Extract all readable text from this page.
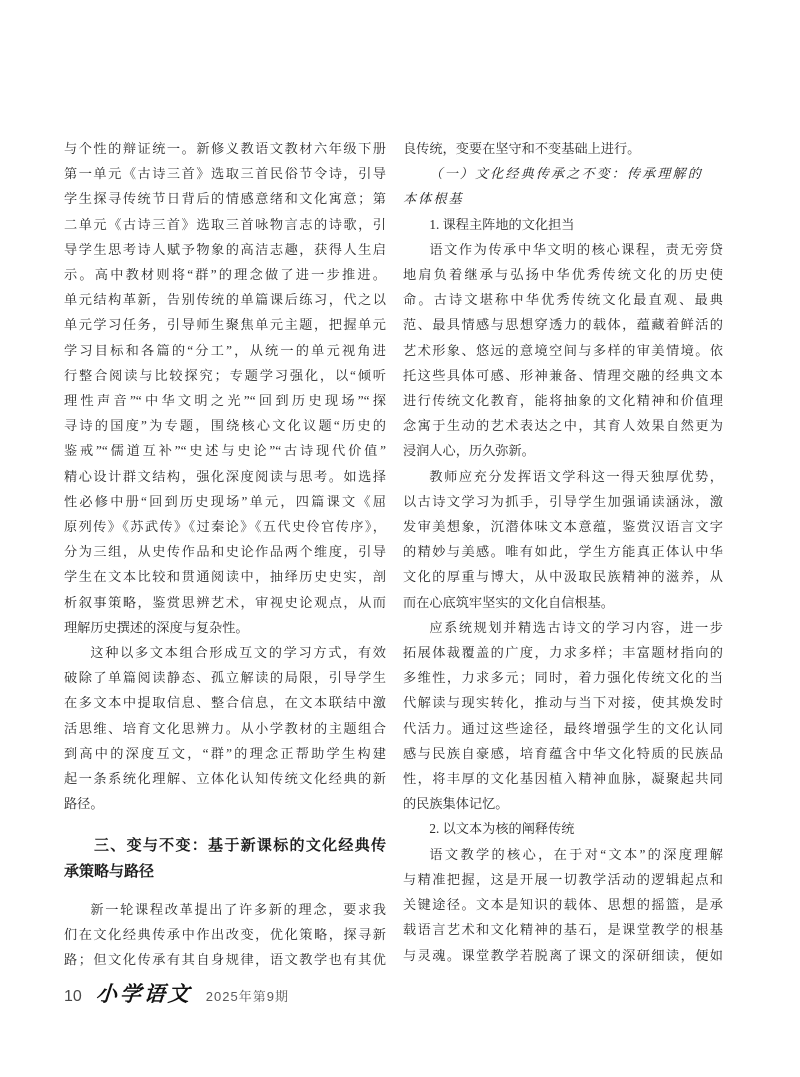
与个性的辩证统一。新修义教语文教材六年级下册
第一单元《古诗三首》选取三首民俗节令诗，引导
学生探寻传统节日背后的情感意绪和文化寓意；第
二单元《古诗三首》选取三首咏物言志的诗歌，引
导学生思考诗人赋予物象的高洁志趣，获得人生启
示。高中教材则将“群”的理念做了进一步推进。
单元结构革新，告别传统的单篇课后练习，代之以
单元学习任务，引导师生聚焦单元主题，把握单元
学习目标和各篇的“分工”，从统一的单元视角进
行整合阅读与比较探究；专题学习强化，以“倾听
理性声音”“中华文明之光”“回到历史现场”“探
寻诗的国度”为专题，围绕核心文化议题“历史的
鉴戒”“儒道互补”“史述与史论”“古诗现代价值”
精心设计群文结构，强化深度阅读与思考。如选择
性必修中册“回到历史现场”单元，四篇课文《屈
原列传》《苏武传》《过秦论》《五代史伶官传序》，
分为三组，从史传作品和史论作品两个维度，引导
学生在文本比较和贯通阅读中，抽绎历史史实，剖
析叙事策略，鉴赏思辨艺术，审视史论观点，从而
理解历史撰述的深度与复杂性。
这种以多文本组合形成互文的学习方式，有效
破除了单篇阅读静态、孤立解读的局限，引导学生
在多文本中提取信息、整合信息，在文本联结中激
活思维、培育文化思辨力。从小学教材的主题组合
到高中的深度互文，“群”的理念正帮助学生构建
起一条系统化理解、立体化认知传统文化经典的新
路径。
三、变与不变：基于新课标的文化经典传
承策略与路径
新一轮课程改革提出了许多新的理念，要求我
们在文化经典传承中作出改变，优化策略，探寻新
路；但文化传承有其自身规律，语文教学也有其优
良传统，变要在坚守和不变基础上进行。
（一）文化经典传承之不变：传承理解的
本体根基
1. 课程主阵地的文化担当
语文作为传承中华文明的核心课程，责无旁贷
地肩负着继承与弘扬中华优秀传统文化的历史使
命。古诗文堪称中华优秀传统文化最直观、最典
范、最具情感与思想穿透力的载体，蕴藏着鲜活的
艺术形象、悠远的意境空间与多样的审美情境。依
托这些具体可感、形神兼备、情理交融的经典文本
进行传统文化教育，能将抽象的文化精神和价值理
念寓于生动的艺术表达之中，其育人效果自然更为
浸润人心，历久弥新。
教师应充分发挥语文学科这一得天独厚优势，
以古诗文学习为抓手，引导学生加强诵读涵泳，激
发审美想象，沉潜体味文本意蕴，鉴赏汉语言文字
的精妙与美感。唯有如此，学生方能真正体认中华
文化的厚重与博大，从中汲取民族精神的滋养，从
而在心底筑牢坚实的文化自信根基。
应系统规划并精选古诗文的学习内容，进一步
拓展体裁覆盖的广度，力求多样；丰富题材指向的
多维性，力求多元；同时，着力强化传统文化的当
代解读与现实转化，推动与当下对接，使其焕发时
代活力。通过这些途径，最终增强学生的文化认同
感与民族自豪感，培育蕴含中华文化特质的民族品
性，将丰厚的文化基因植入精神血脉，凝聚起共同
的民族集体记忆。
2. 以文本为核的阐释传统
语文教学的核心，在于对“文本”的深度理解
与精准把握，这是开展一切教学活动的逻辑起点和
关键途径。文本是知识的载体、思想的摇篮，是承
载语言艺术和文化精神的基石，是课堂教学的根基
与灵魂。课堂教学若脱离了课文的深研细读，便如
10 小学语文 2025年第9期
